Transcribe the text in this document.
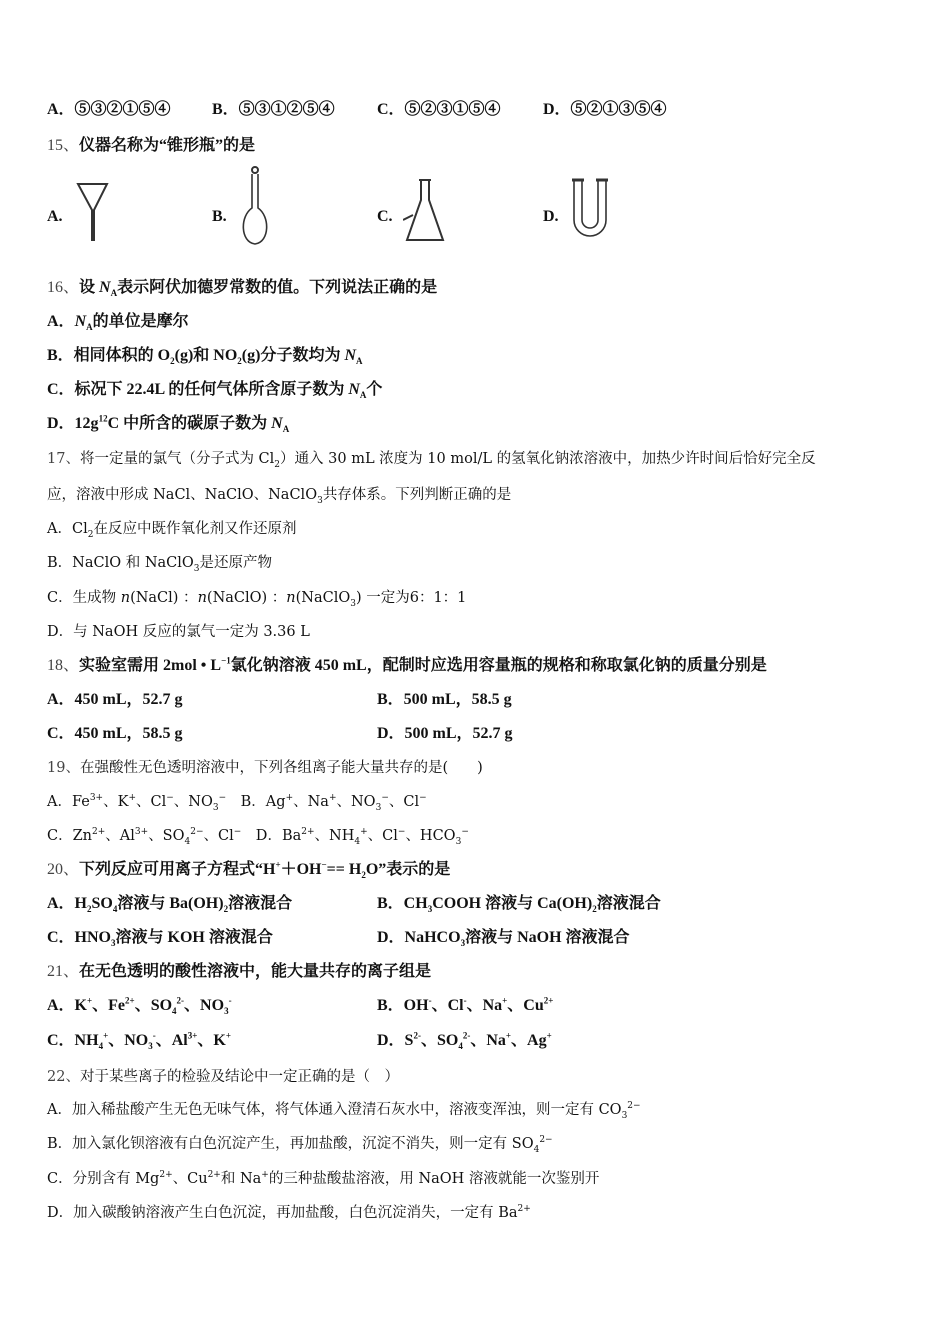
A．⑤③②①⑤④	B．⑤③①②⑤④	C．⑤②③①⑤④	D．⑤②①③⑤④
15、仪器名称为“锥形瓶”的是
A.	B.	C.	D.
16、设 $N_A$表示阿伏加德罗常数的值。下列说法正确的是
A．$N_A$的单位是摩尔
B．相同体积的 $O_2(g)$和 $NO_2(g)$分子数均为 $N_A$
C．标况下 22.4L 的任何气体所含原子数为 $N_A$个
D．$12g^{12}C$ 中所含的碳原子数为 $N_A$
17、将一定量的氯气（分子式为 $Cl_2$）通入 30 mL 浓度为 10 mol/L 的氢氧化钠浓溶液中，加热少许时间后恰好完全反
应，溶液中形成 NaCl、NaClO、NaClO$_3$共存体系。下列判断正确的是
A．$Cl_2$在反应中既作氧化剂又作还原剂
B．NaClO 和 NaClO$_3$是还原产物
C．生成物 n(NaCl) ：n(NaClO) ：n(NaClO$_3$) 一定为6：1：1
D．与 NaOH 反应的氯气一定为 3.36 L
18、实验室需用 2mol • $L^{-1}$氯化钠溶液 450 mL，配制时应选用容量瓶的规格和称取氯化钠的质量分别是
A．450 mL，52.7 g	B．500 mL，58.5 g
C．450 mL，58.5 g	D．500 mL，52.7 g
19、在强酸性无色透明溶液中，下列各组离子能大量共存的是(　　)
A．$Fe^{3+}$、K+、Cl−、$NO_3^-$　B．Ag+、Na+、$NO_3^-$、Cl−
C．$Zn^{2+}$、$Al^{3+}$、$SO_4^{2-}$、Cl−　D．$Ba^{2+}$、$NH_4^+$、Cl−、$HCO_3^-$
20、下列反应可用离子方程式“$H^++OH^-== H_2O$”表示的是
A．$H_2SO_4$溶液与 $Ba(OH)_2$溶液混合	B．$CH_3COOH$ 溶液与 $Ca(OH)_2$溶液混合
C．$HNO_3$溶液与 KOH 溶液混合	D．NaHCO$_3$溶液与 NaOH 溶液混合
21、在无色透明的酸性溶液中，能大量共存的离子组是
A．K+、$Fe^{2+}$、$SO_4^{2-}$、$NO_3^-$	B．OH-、Cl-、Na+、$Cu^{2+}$
C．$NH_4^+$、$NO_3^-$、$Al^{3+}$、K+	D．$S^{2-}$、$SO_4^{2-}$、Na+、Ag+
22、对于某些离子的检验及结论中一定正确的是（　）
A．加入稀盐酸产生无色无味气体，将气体通入澄清石灰水中，溶液变浑浊，则一定有 $CO_3^{2-}$
B．加入氯化钡溶液有白色沉淀产生，再加盐酸，沉淀不消失，则一定有 $SO_4^{2-}$
C．分别含有 $Mg^{2+}$、$Cu^{2+}$和 Na+的三种盐酸盐溶液，用 NaOH 溶液就能一次鉴别开
D．加入碳酸钠溶液产生白色沉淀，再加盐酸，白色沉淀消失，一定有 $Ba^{2+}$
